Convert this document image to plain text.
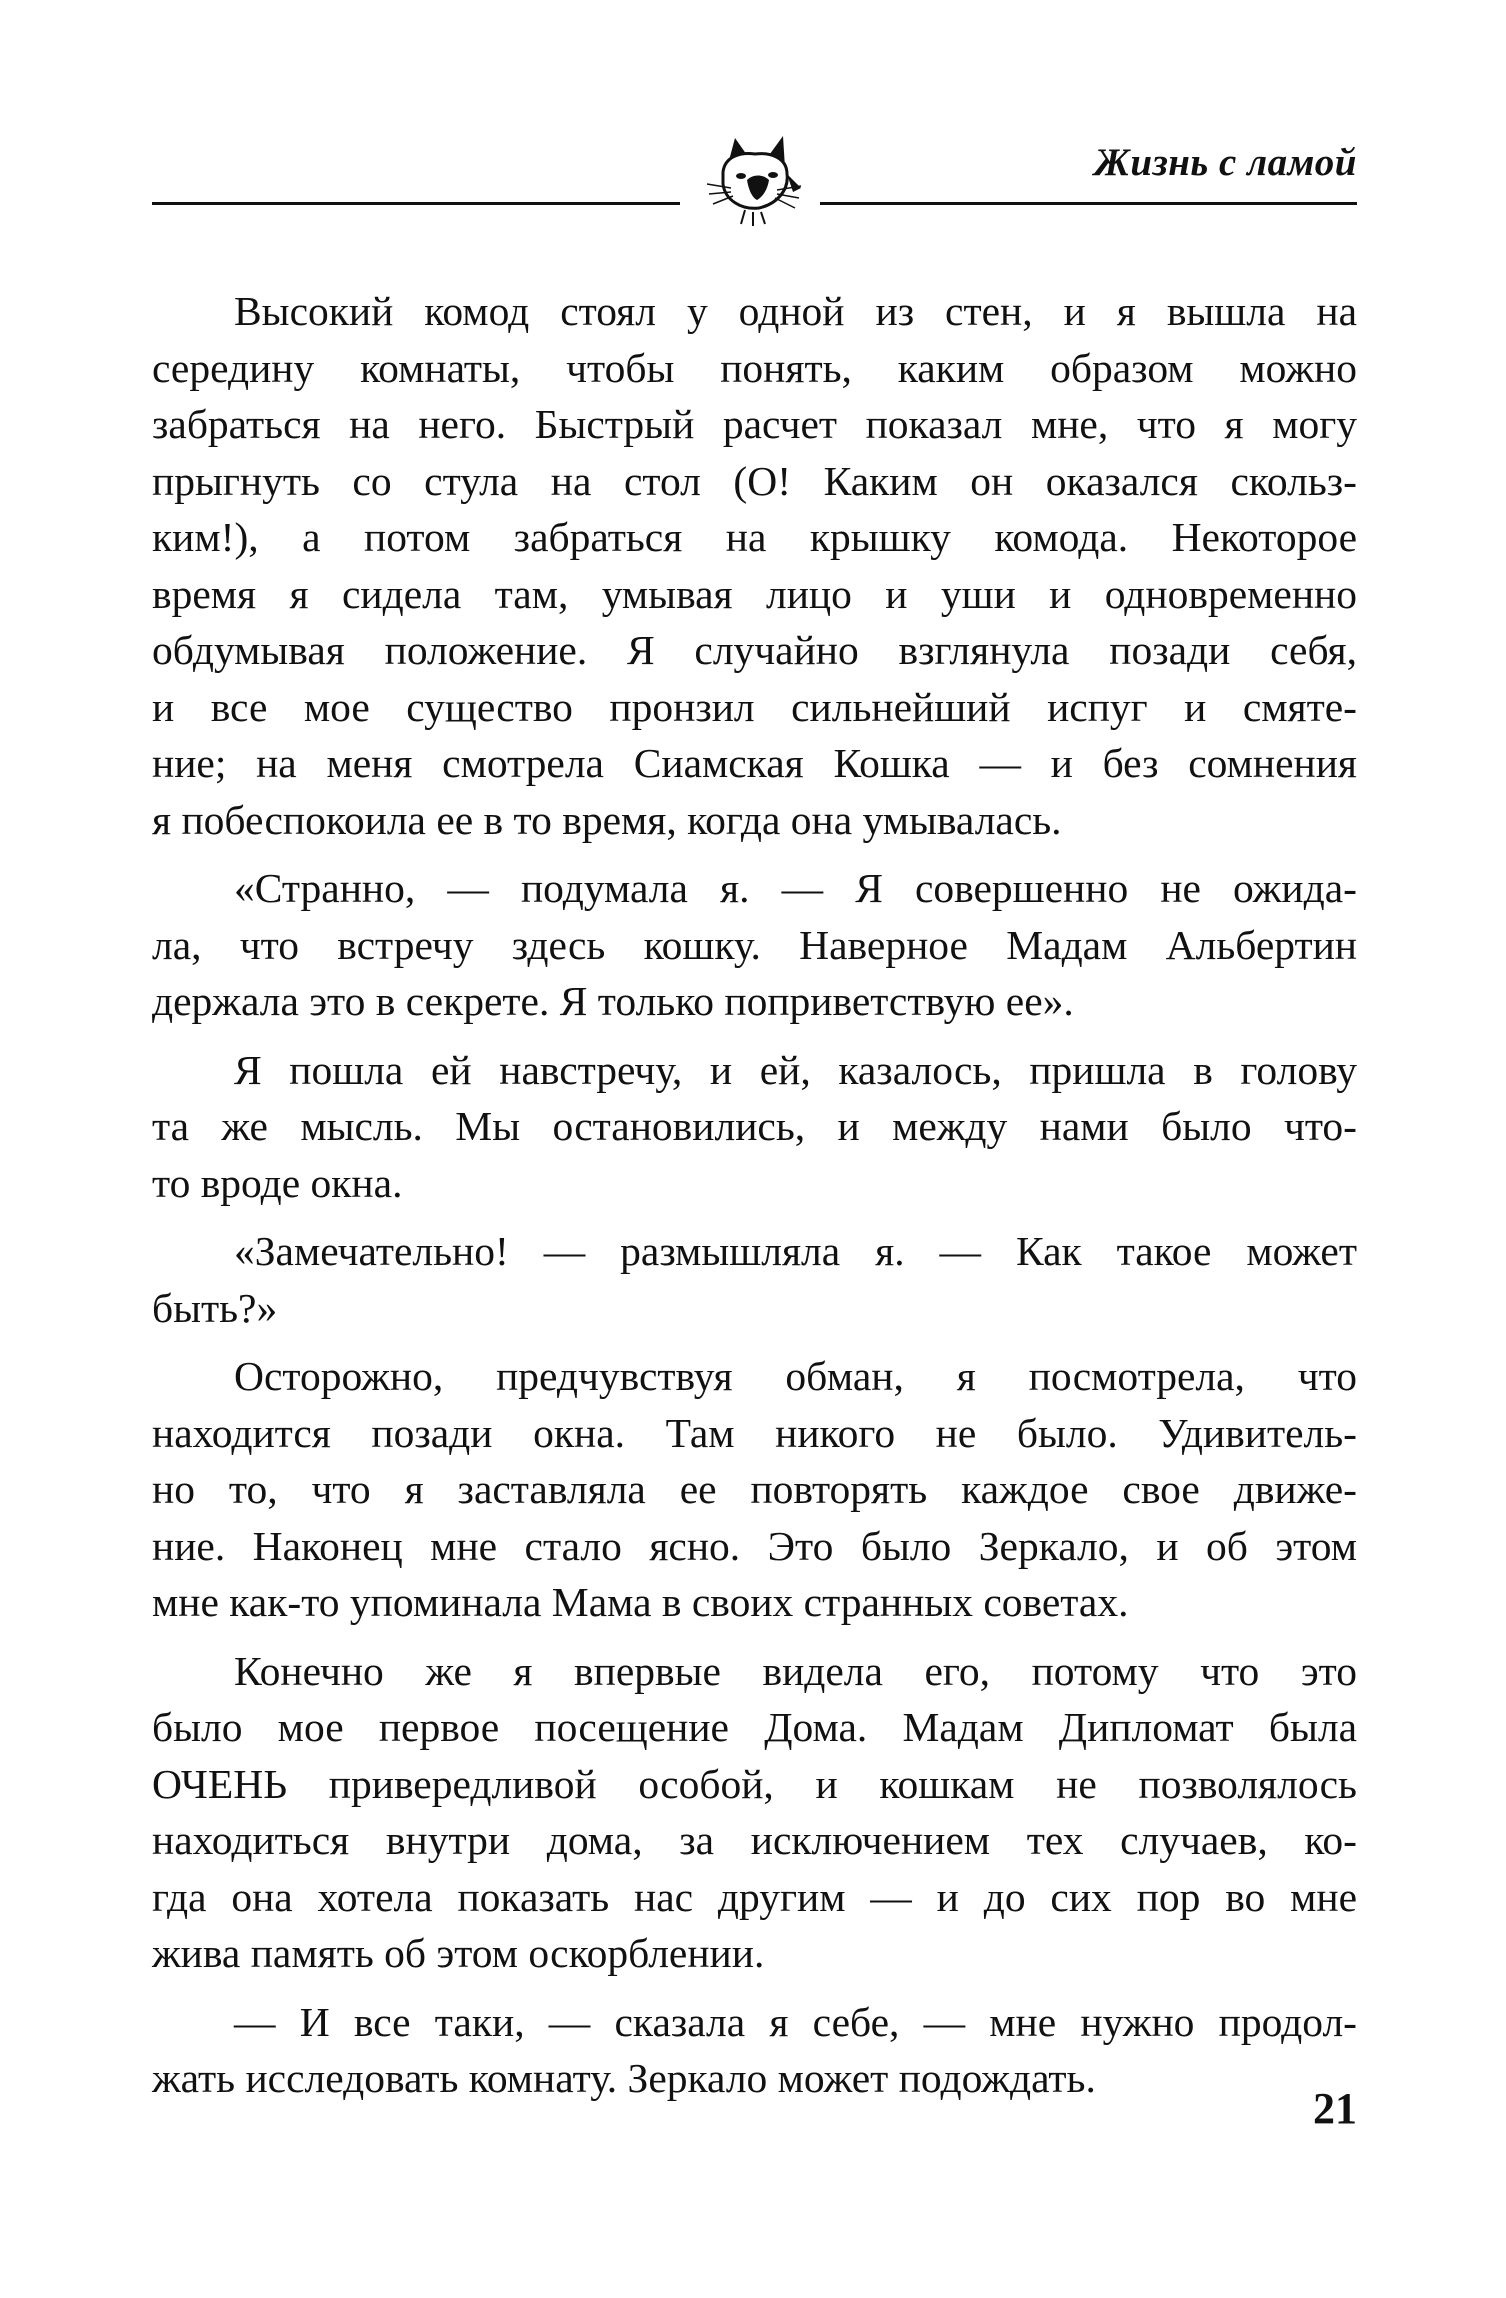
Жизнь с ламой
Высокий комод стоял у одной из стен, и я вышла на
середину комнаты, чтобы понять, каким образом можно
забраться на него. Быстрый расчет показал мне, что я могу
прыгнуть со стула на стол (О! Каким он оказался скольз-
ким!), а потом забраться на крышку комода. Некоторое
время я сидела там, умывая лицо и уши и одновременно
обдумывая положение. Я случайно взглянула позади себя,
и все мое существо пронзил сильнейший испуг и смяте-
ние; на меня смотрела Сиамская Кошка — и без сомнения
я побеспокоила ее в то время, когда она умывалась.
«Странно, — подумала я. — Я совершенно не ожида-
ла, что встречу здесь кошку. Наверное Мадам Альбертин
держала это в секрете. Я только поприветствую ее».
Я пошла ей навстречу, и ей, казалось, пришла в голову
та же мысль. Мы остановились, и между нами было что-
то вроде окна.
«Замечательно! — размышляла я. — Как такое может
быть?»
Осторожно, предчувствуя обман, я посмотрела, что
находится позади окна. Там никого не было. Удивитель-
но то, что я заставляла ее повторять каждое свое движе-
ние. Наконец мне стало ясно. Это было Зеркало, и об этом
мне как-то упоминала Мама в своих странных советах.
Конечно же я впервые видела его, потому что это
было мое первое посещение Дома. Мадам Дипломат была
ОЧЕНЬ привередливой особой, и кошкам не позволялось
находиться внутри дома, за исключением тех случаев, ко-
гда она хотела показать нас другим — и до сих пор во мне
жива память об этом оскорблении.
— И все таки, — сказала я себе, — мне нужно продол-
жать исследовать комнату. Зеркало может подождать.
21
